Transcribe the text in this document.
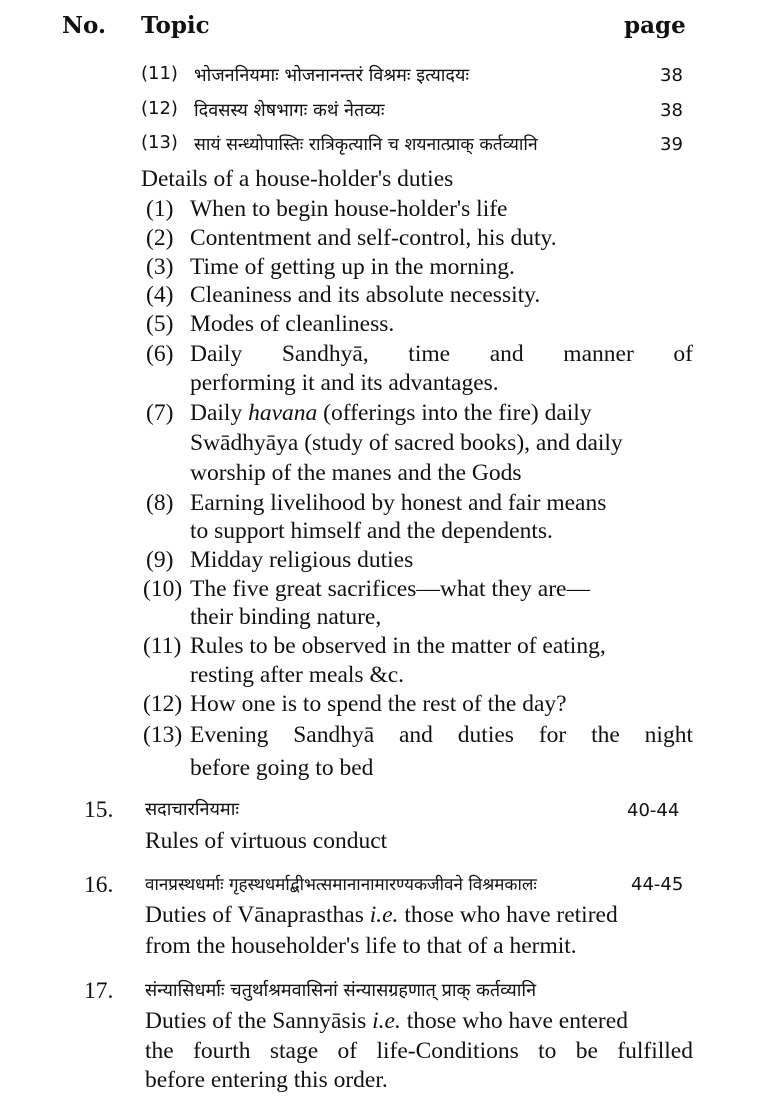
No. Topic	page
(11) भोजननियमाः भोजनानन्तरं विश्रमः इत्यादयः	38
(12) दिवसस्य शेषभागः कथं नेतव्यः	38
(13) सायं सन्ध्योपास्तिः रात्रिकृत्यानि च शयनात्प्राक् कर्तव्यानि	39
Details of a house-holder's duties
(1) When to begin house-holder's life
(2) Contentment and self-control, his duty.
(3) Time of getting up in the morning.
(4) Cleaniness and its absolute necessity.
(5) Modes of cleanliness.
(6) Daily Sandhyā, time and manner of
performing it and its advantages.
(7) Daily havana (offerings into the fire) daily
Swādhyāya (study of sacred books), and daily
worship of the manes and the Gods
(8) Earning livelihood by honest and fair means
to support himself and the dependents.
(9) Midday religious duties
(10) The five great sacrifices—what they are—
their binding nature,
(11) Rules to be observed in the matter of eating,
resting after meals &c.
(12) How one is to spend the rest of the day?
(13) Evening Sandhyā and duties for the night
before going to bed
15. सदाचारनियमाः	40-44
Rules of virtuous conduct
16. वानप्रस्थधर्माः गृहस्थधर्माद्बीभत्समानानामारण्यकजीवने विश्रमकालः	44-45
Duties of Vānaprasthas i.e. those who have retired
from the householder's life to that of a hermit.
17. संन्यासिधर्माः चतुर्थाश्रमवासिनां संन्यासग्रहणात् प्राक् कर्तव्यानि
Duties of the Sannyāsis i.e. those who have entered
the fourth stage of life-Conditions to be fulfilled
before entering this order.
